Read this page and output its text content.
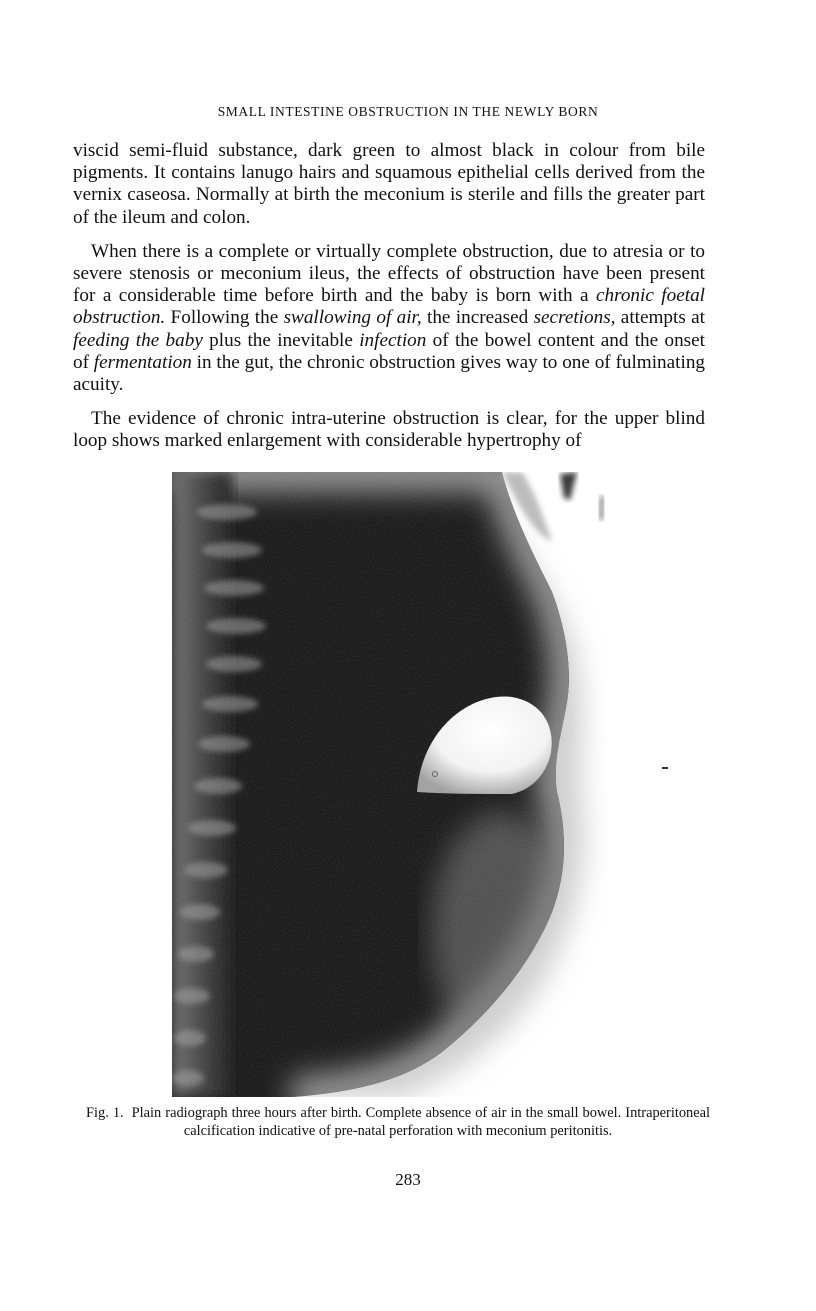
SMALL INTESTINE OBSTRUCTION IN THE NEWLY BORN

viscid semi-fluid substance, dark green to almost black in colour from bile pigments. It contains lanugo hairs and squamous epithelial cells derived from the vernix caseosa. Normally at birth the meconium is sterile and fills the greater part of the ileum and colon.

When there is a complete or virtually complete obstruction, due to atresia or to severe stenosis or meconium ileus, the effects of obstruction have been present for a considerable time before birth and the baby is born with a chronic foetal obstruction. Following the swallowing of air, the increased secretions, attempts at feeding the baby plus the inevitable infection of the bowel content and the onset of fermentation in the gut, the chronic obstruction gives way to one of fulminating acuity.

The evidence of chronic intra-uterine obstruction is clear, for the upper blind loop shows marked enlargement with considerable hypertrophy of

Fig. 1. Plain radiograph three hours after birth. Complete absence of air in the small bowel. Intraperitoneal calcification indicative of pre-natal perforation with meconium peritonitis.
283
